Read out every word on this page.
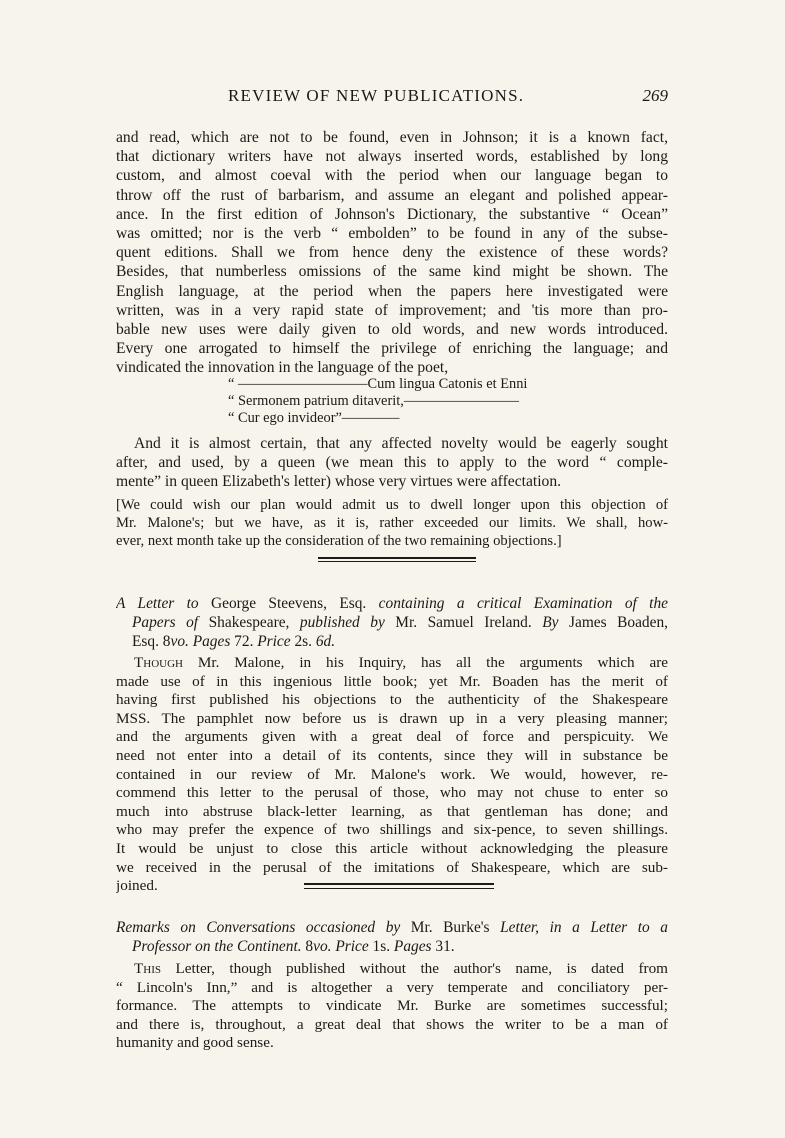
REVIEW OF NEW PUBLICATIONS.	269

and read, which are not to be found, even in Johnson; it is a known fact,

that dictionary writers have not always inserted words, established by long

custom, and almost coeval with the period when our language began to

throw off the rust of barbarism, and assume an elegant and polished appear-

ance. In the first edition of Johnson's Dictionary, the substantive “ Ocean”

was omitted; nor is the verb “ embolden” to be found in any of the subse-

quent editions. Shall we from hence deny the existence of these words?

Besides, that numberless omissions of the same kind might be shown. The

English language, at the period when the papers here investigated were

written, was in a very rapid state of improvement; and 'tis more than pro-

bable new uses were daily given to old words, and new words introduced.

Every one arrogated to himself the privilege of enriching the language; and

vindicated the innovation in the language of the poet,

“ —————————Cum lingua Catonis et Enni

“ Sermonem patrium ditaverit,————————

“ Cur ego invideor”————

And it is almost certain, that any affected novelty would be eagerly sought

after, and used, by a queen (we mean this to apply to the word “ comple-

mente” in queen Elizabeth's letter) whose very virtues were affectation.

[We could wish our plan would admit us to dwell longer upon this objection of

Mr. Malone's; but we have, as it is, rather exceeded our limits. We shall, how-

ever, next month take up the consideration of the two remaining objections.]

A Letter to George Steevens, Esq. containing a critical Examination of the

Papers of Shakespeare, published by Mr. Samuel Ireland. By James Boaden,

Esq. 8vo. Pages 72. Price 2s. 6d.

Though Mr. Malone, in his Inquiry, has all the arguments which are

made use of in this ingenious little book; yet Mr. Boaden has the merit of

having first published his objections to the authenticity of the Shakespeare

MSS. The pamphlet now before us is drawn up in a very pleasing manner;

and the arguments given with a great deal of force and perspicuity. We

need not enter into a detail of its contents, since they will in substance be

contained in our review of Mr. Malone's work. We would, however, re-

commend this letter to the perusal of those, who may not chuse to enter so

much into abstruse black-letter learning, as that gentleman has done; and

who may prefer the expence of two shillings and six-pence, to seven shillings.

It would be unjust to close this article without acknowledging the pleasure

we received in the perusal of the imitations of Shakespeare, which are sub-

joined.

Remarks on Conversations occasioned by Mr. Burke's Letter, in a Letter to a

Professor on the Continent. 8vo. Price 1s. Pages 31.

This Letter, though published without the author's name, is dated from

“ Lincoln's Inn,” and is altogether a very temperate and conciliatory per-

formance. The attempts to vindicate Mr. Burke are sometimes successful;

and there is, throughout, a great deal that shows the writer to be a man of

humanity and good sense.
